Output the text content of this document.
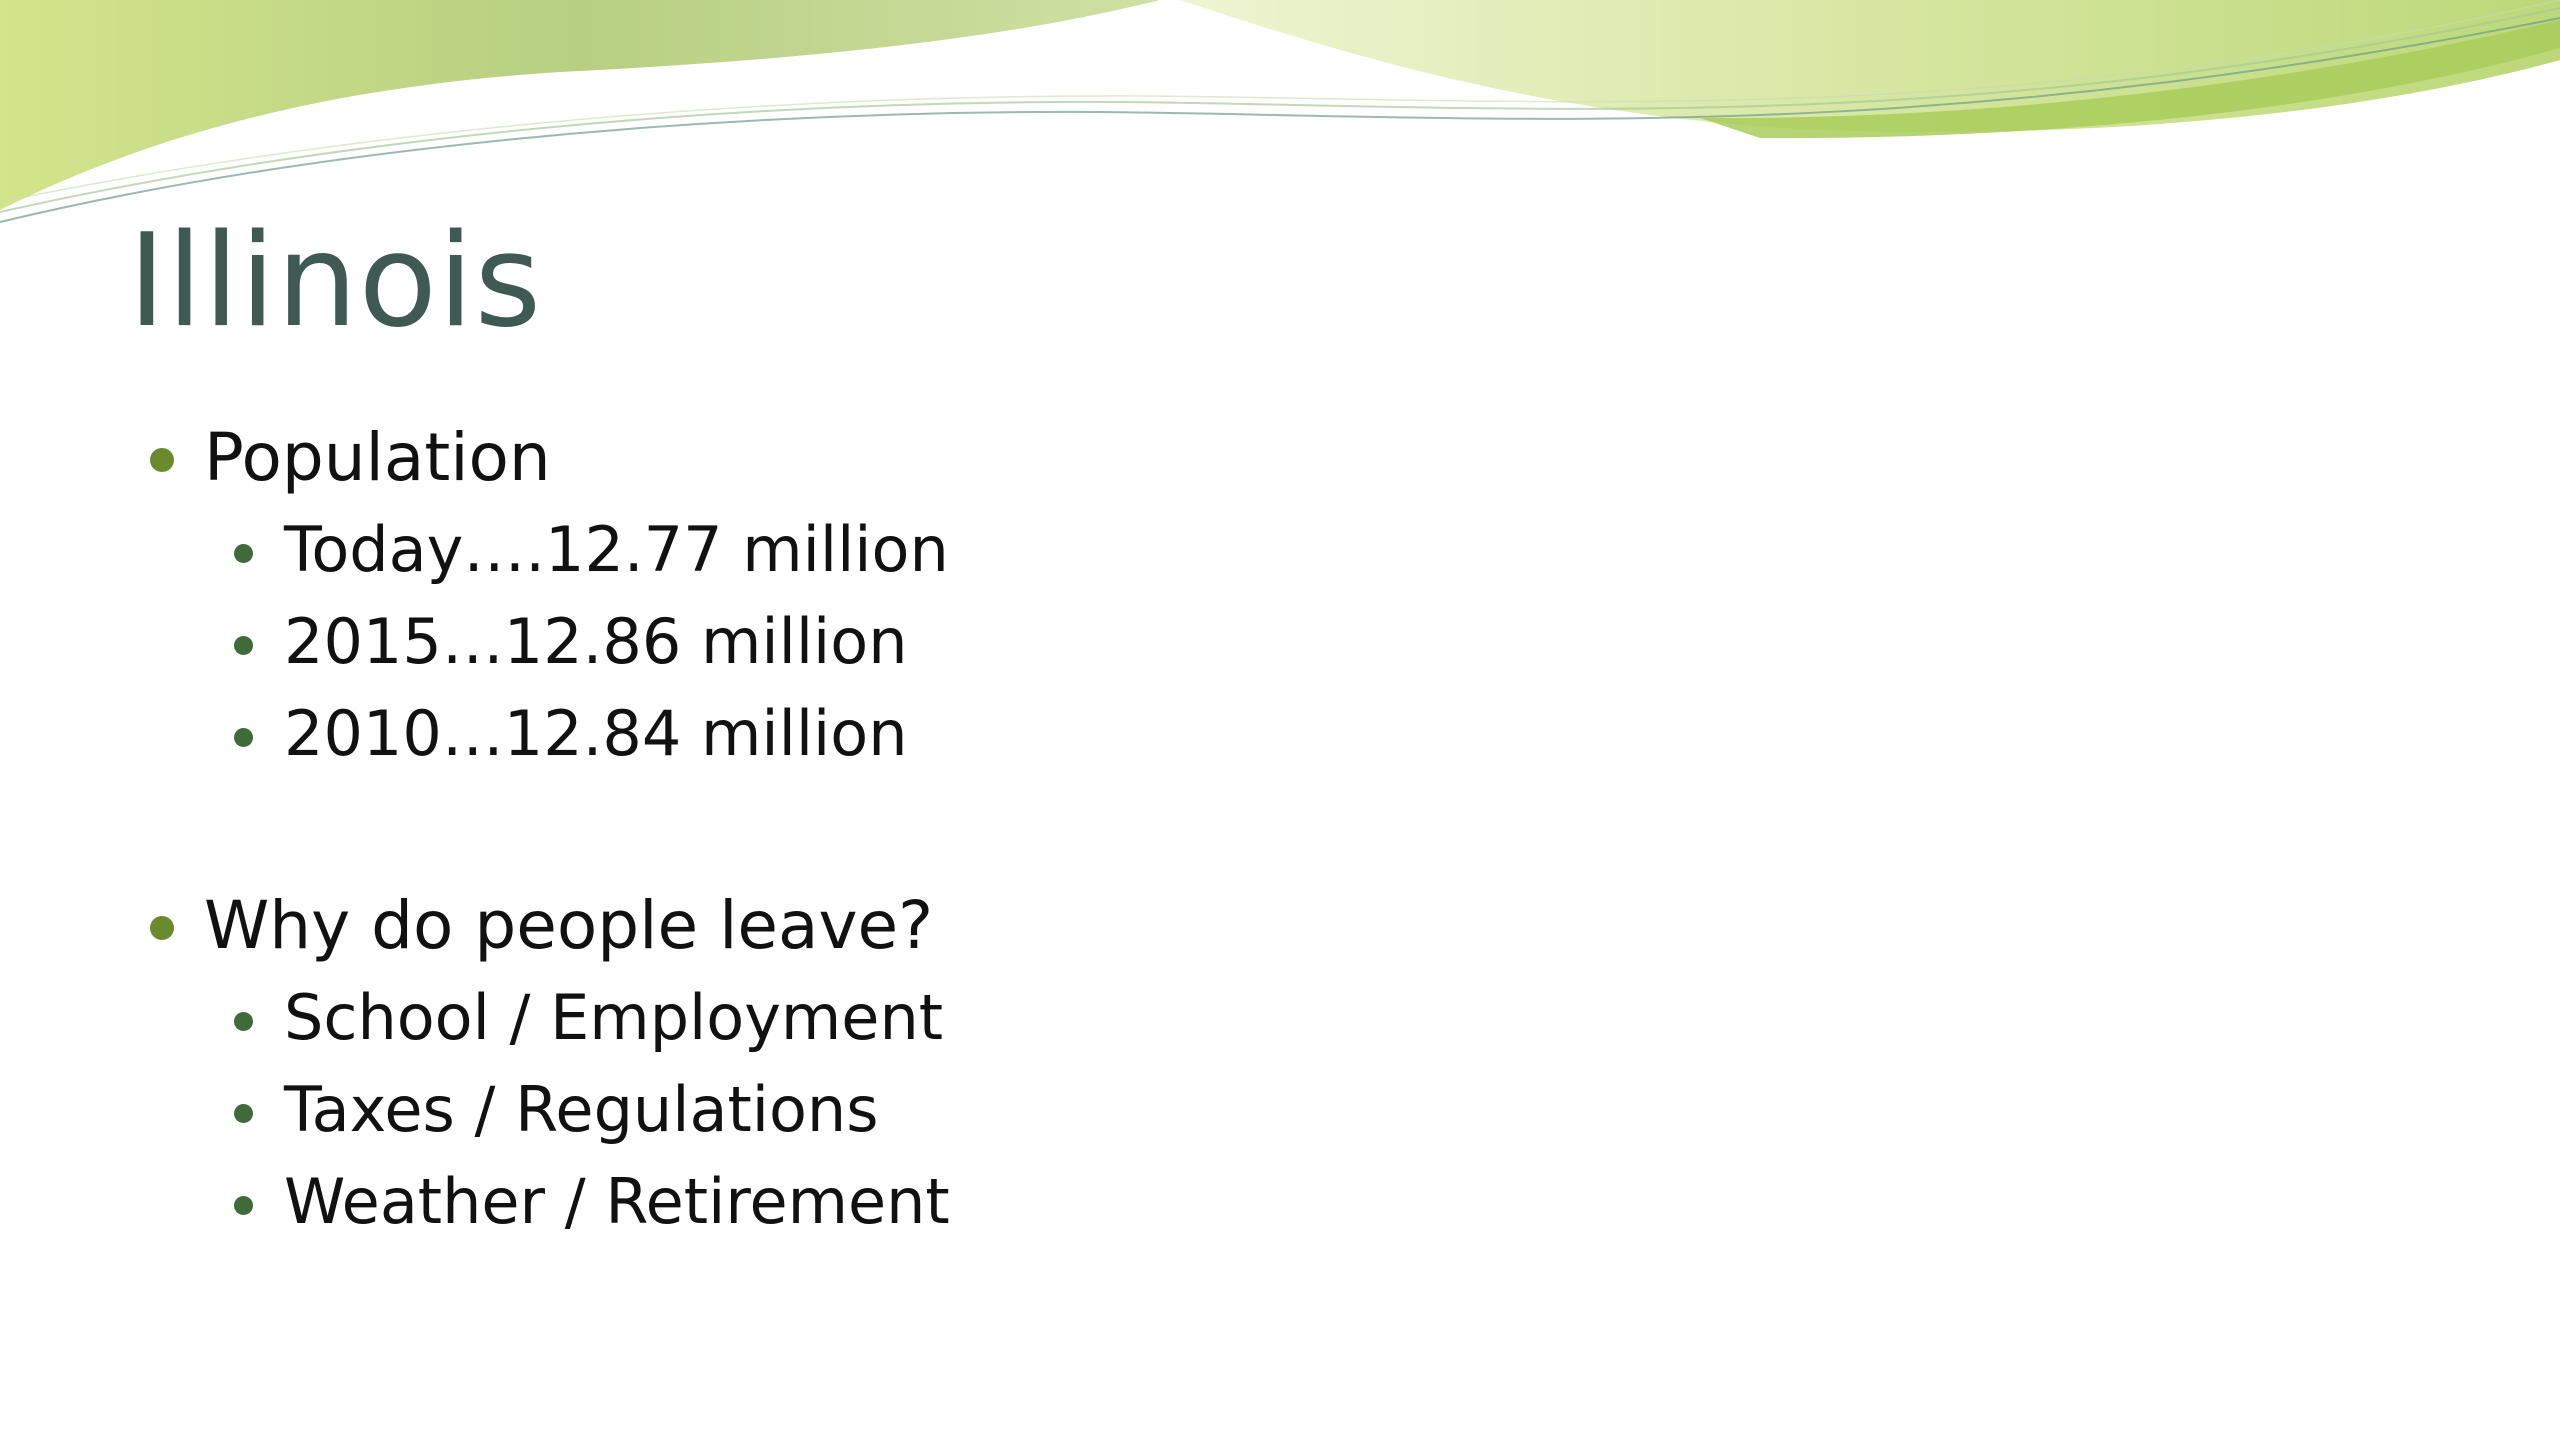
Illinois
Population
Today….12.77 million
2015…12.86 million
2010…12.84 million
Why do people leave?
School / Employment
Taxes / Regulations
Weather / Retirement
